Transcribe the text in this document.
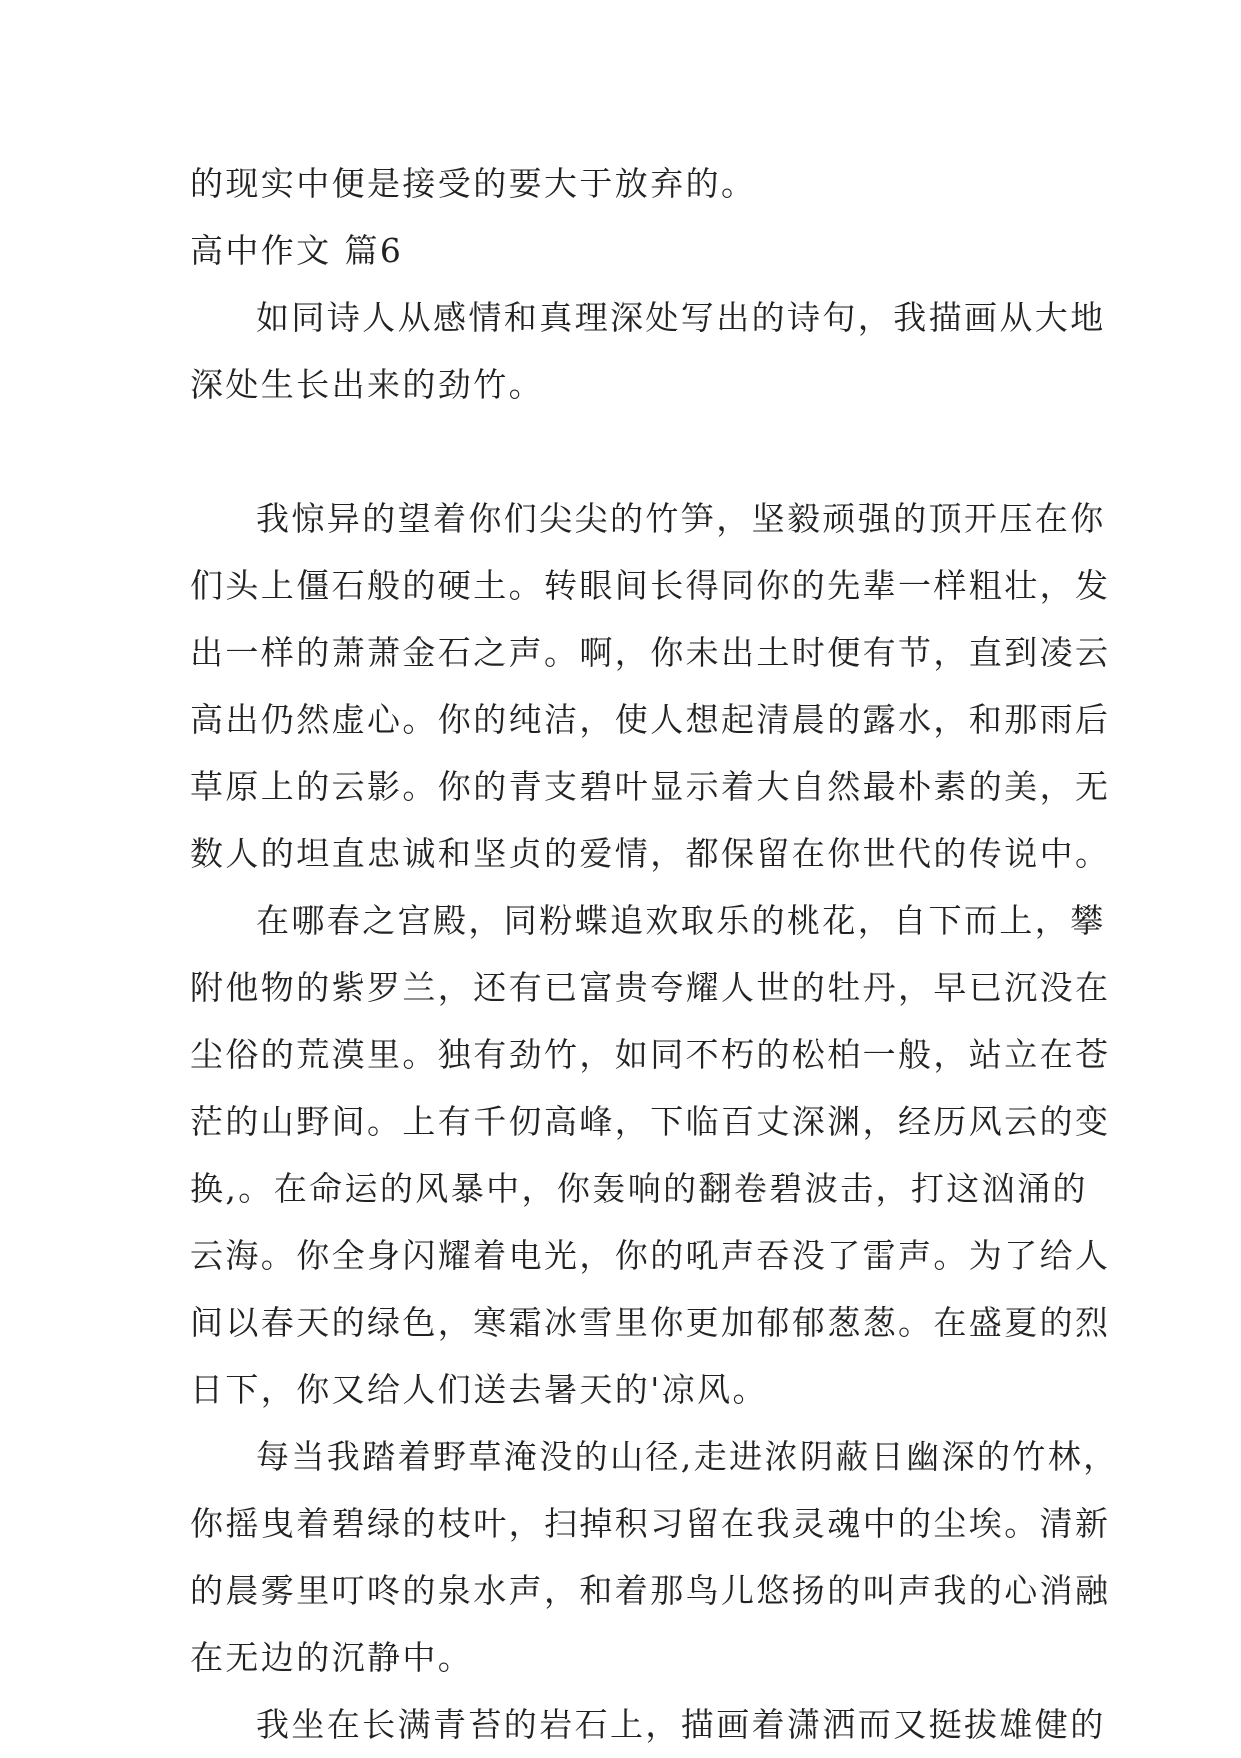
的现实中便是接受的要大于放弃的。
高中作文 篇6
如同诗人从感情和真理深处写出的诗句，我描画从大地
深处生长出来的劲竹。
我惊异的望着你们尖尖的竹笋，坚毅顽强的顶开压在你
们头上僵石般的硬土。转眼间长得同你的先辈一样粗壮，发
出一样的萧萧金石之声。啊，你未出土时便有节，直到凌云
高出仍然虚心。你的纯洁，使人想起清晨的露水，和那雨后
草原上的云影。你的青支碧叶显示着大自然最朴素的美，无
数人的坦直忠诚和坚贞的爱情，都保留在你世代的传说中。
在哪春之宫殿，同粉蝶追欢取乐的桃花，自下而上，攀
附他物的紫罗兰，还有已富贵夸耀人世的牡丹，早已沉没在
尘俗的荒漠里。独有劲竹，如同不朽的松柏一般，站立在苍
茫的山野间。上有千仞高峰，下临百丈深渊，经历风云的变
换,。在命运的风暴中，你轰响的翻卷碧波击，打这汹涌的
云海。你全身闪耀着电光，你的吼声吞没了雷声。为了给人
间以春天的绿色，寒霜冰雪里你更加郁郁葱葱。在盛夏的烈
日下，你又给人们送去暑天的'凉风。
每当我踏着野草淹没的山径,走进浓阴蔽日幽深的竹林，
你摇曳着碧绿的枝叶，扫掉积习留在我灵魂中的尘埃。清新
的晨雾里叮咚的泉水声，和着那鸟儿悠扬的叫声我的心消融
在无边的沉静中。
我坐在长满青苔的岩石上，描画着潇洒而又挺拔雄健的
